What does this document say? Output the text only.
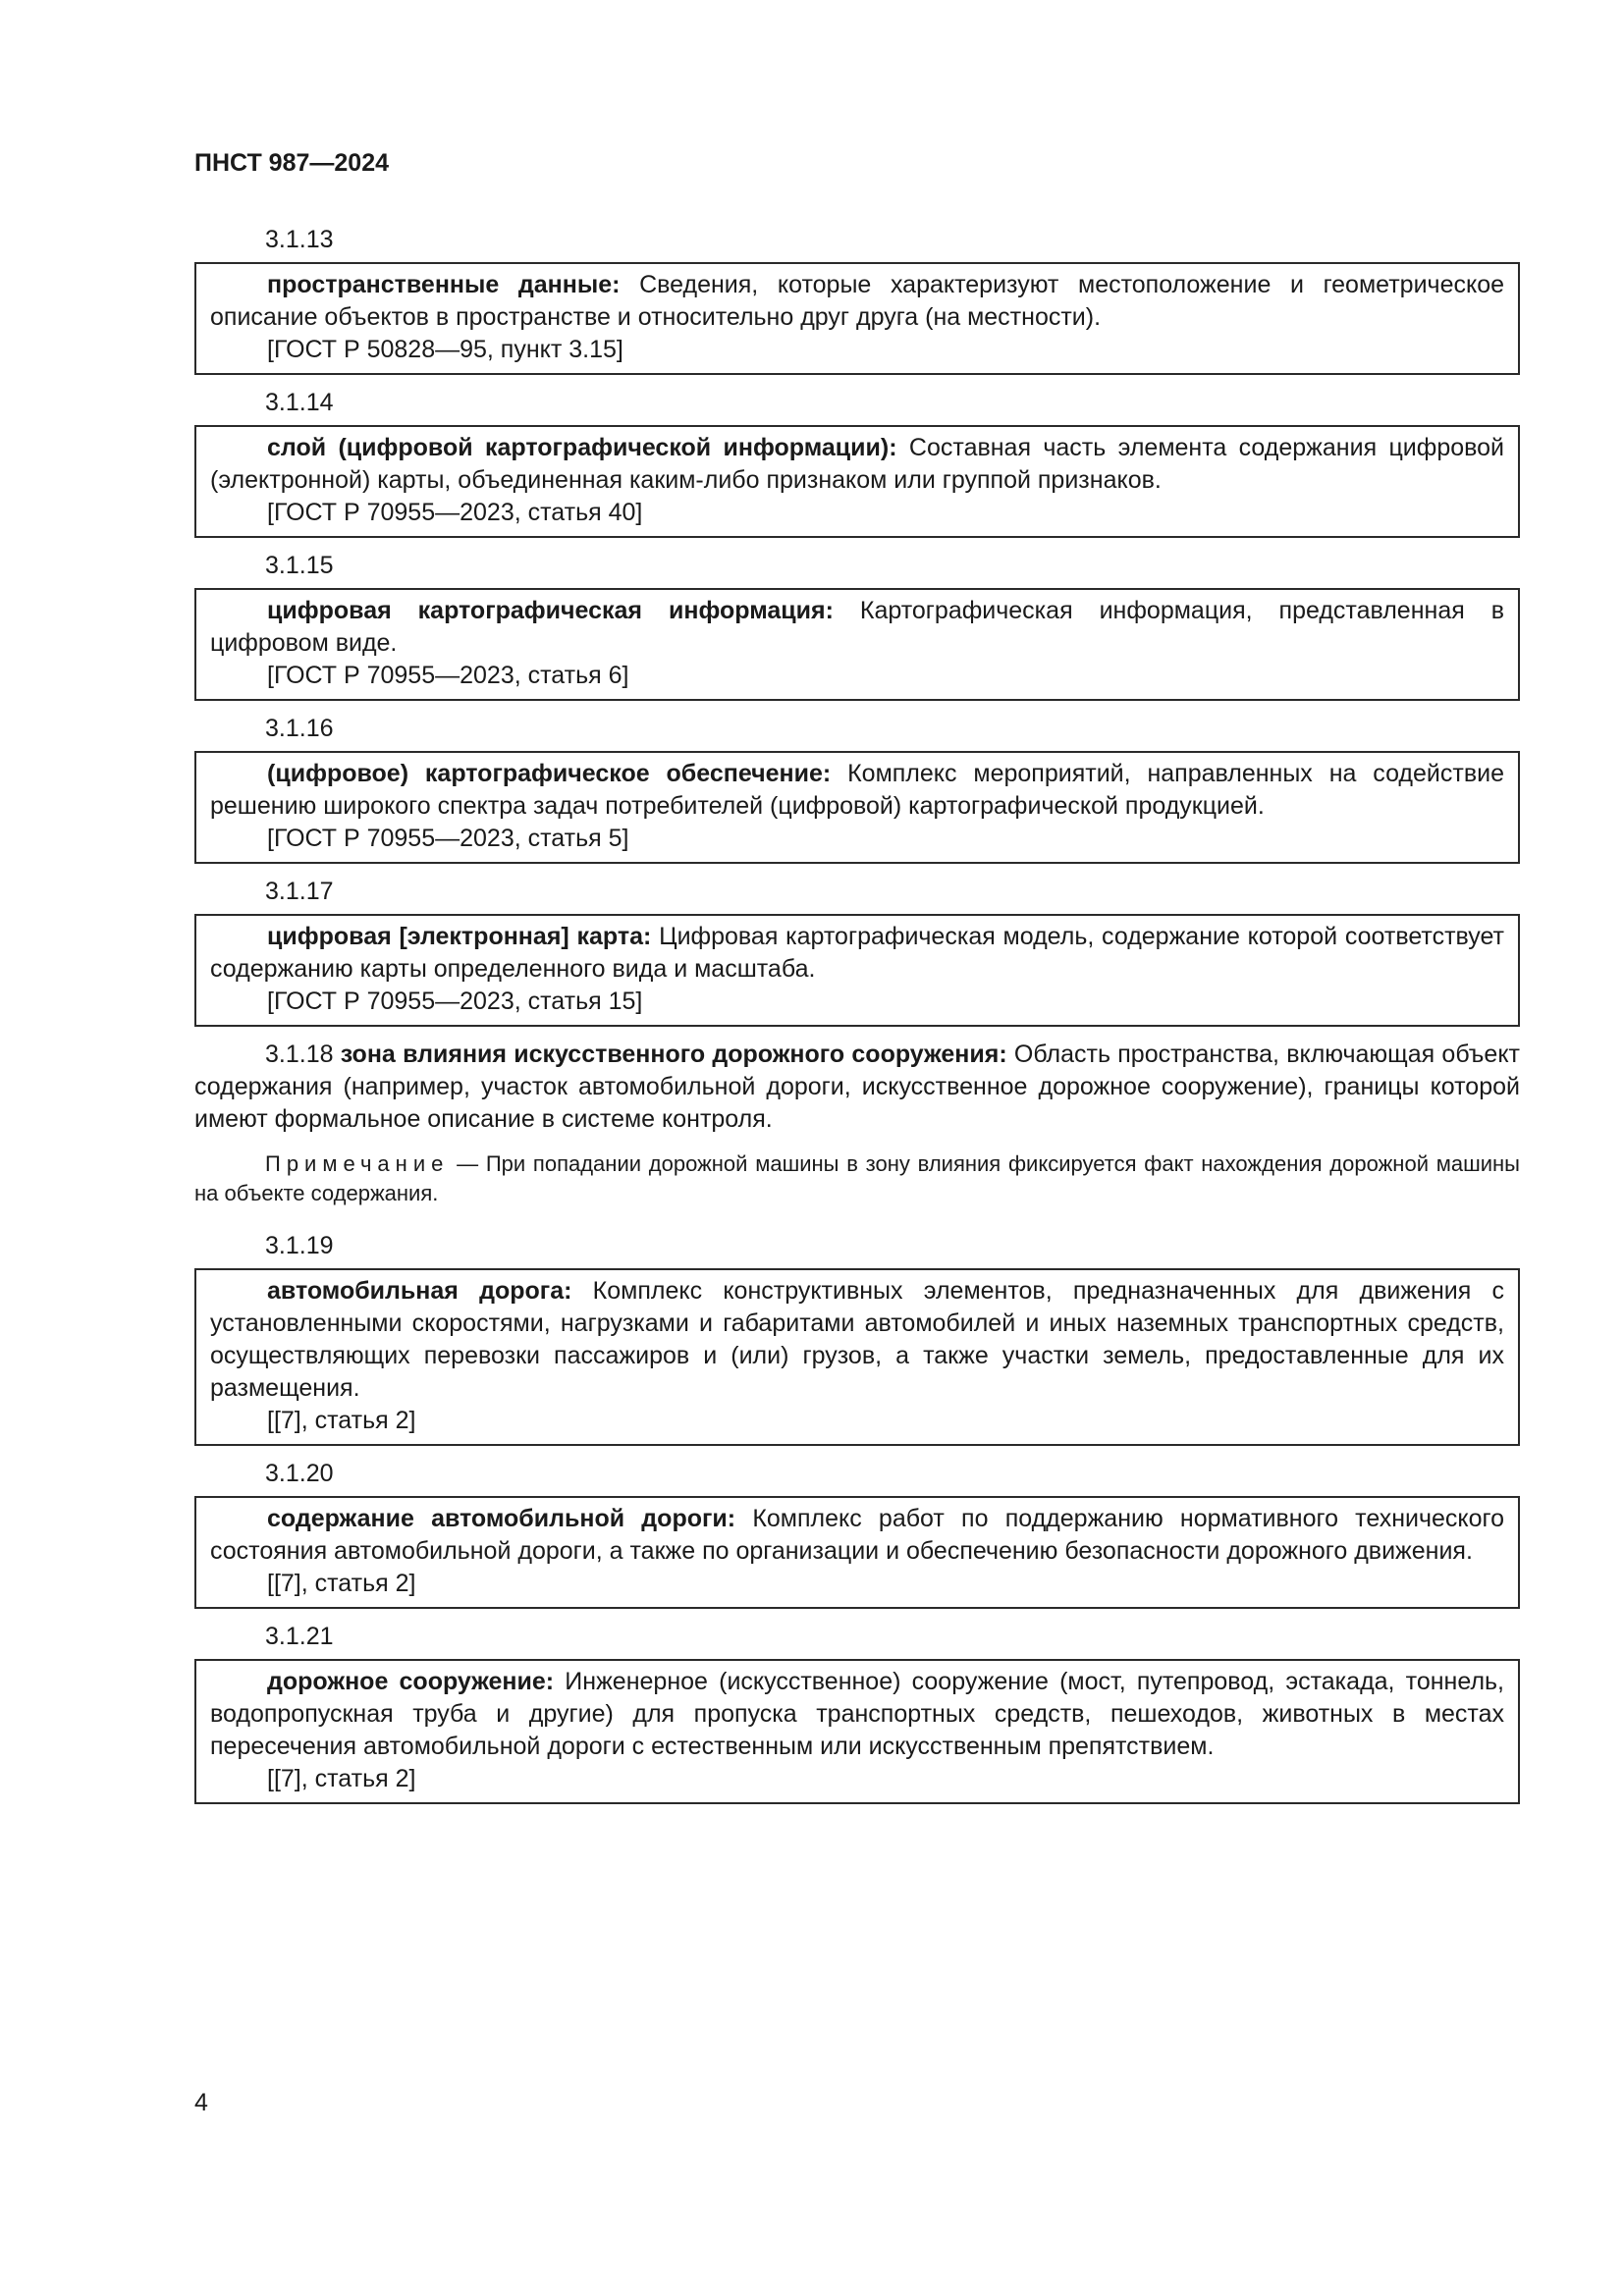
ПНСТ 987—2024
3.1.13

пространственные данные: Сведения, которые характеризуют местоположение и геометрическое описание объектов в пространстве и относительно друг друга (на местности).

[ГОСТ Р 50828—95, пункт 3.15]

3.1.14

слой (цифровой картографической информации): Составная часть элемента содержания цифровой (электронной) карты, объединенная каким-либо признаком или группой признаков.

[ГОСТ Р 70955—2023, статья 40]

3.1.15

цифровая картографическая информация: Картографическая информация, представленная в цифровом виде.

[ГОСТ Р 70955—2023, статья 6]

3.1.16

(цифровое) картографическое обеспечение: Комплекс мероприятий, направленных на содействие решению широкого спектра задач потребителей (цифровой) картографической продукцией.

[ГОСТ Р 70955—2023, статья 5]

3.1.17

цифровая [электронная] карта: Цифровая картографическая модель, содержание которой соответствует содержанию карты определенного вида и масштаба.

[ГОСТ Р 70955—2023, статья 15]

3.1.18 зона влияния искусственного дорожного сооружения: Область пространства, включающая объект содержания (например, участок автомобильной дороги, искусственное дорожное сооружение), границы которой имеют формальное описание в системе контроля.

Примечание — При попадании дорожной машины в зону влияния фиксируется факт нахождения дорожной машины на объекте содержания.

3.1.19

автомобильная дорога: Комплекс конструктивных элементов, предназначенных для движения с установленными скоростями, нагрузками и габаритами автомобилей и иных наземных транспортных средств, осуществляющих перевозки пассажиров и (или) грузов, а также участки земель, предоставленные для их размещения.

[[7], статья 2]

3.1.20

содержание автомобильной дороги: Комплекс работ по поддержанию нормативного технического состояния автомобильной дороги, а также по организации и обеспечению безопасности дорожного движения.

[[7], статья 2]

3.1.21

дорожное сооружение: Инженерное (искусственное) сооружение (мост, путепровод, эстакада, тоннель, водопропускная труба и другие) для пропуска транспортных средств, пешеходов, животных в местах пересечения автомобильной дороги с естественным или искусственным препятствием.

[[7], статья 2]

4
